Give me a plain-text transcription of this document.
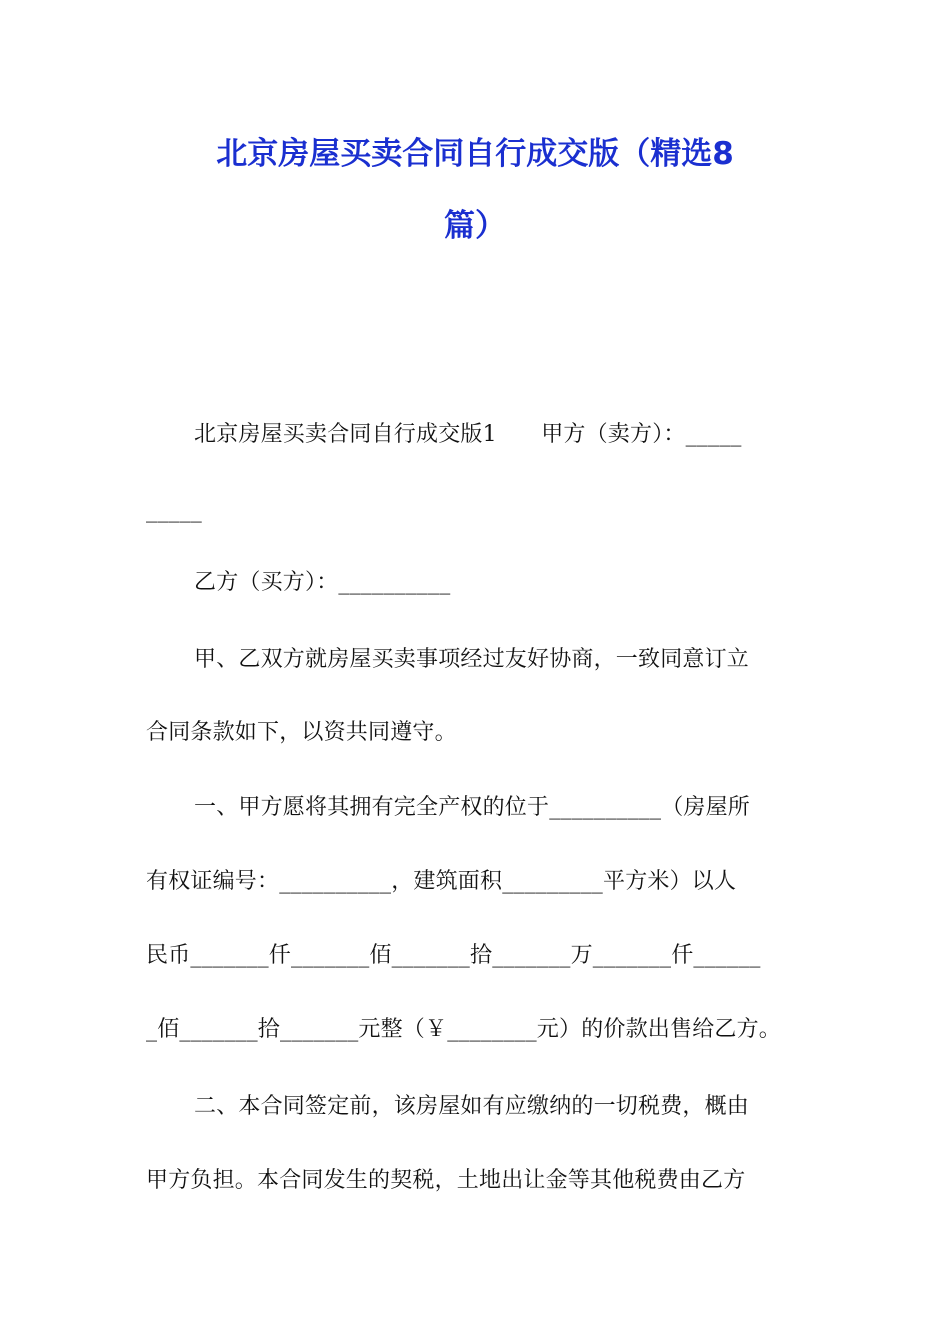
北京房屋买卖合同自行成交版（精选8
篇）
北京房屋买卖合同自行成交版1　　甲方（卖方）：_____
_____
乙方（买方）：__________
甲、乙双方就房屋买卖事项经过友好协商，一致同意订立
合同条款如下，以资共同遵守。
一、甲方愿将其拥有完全产权的位于__________（房屋所
有权证编号：__________，建筑面积_________平方米）以人
民币_______仟_______佰_______拾_______万_______仟______
_佰_______拾_______元整（￥________元）的价款出售给乙方。
二、本合同签定前，该房屋如有应缴纳的一切税费，概由
甲方负担。本合同发生的契税，土地出让金等其他税费由乙方
